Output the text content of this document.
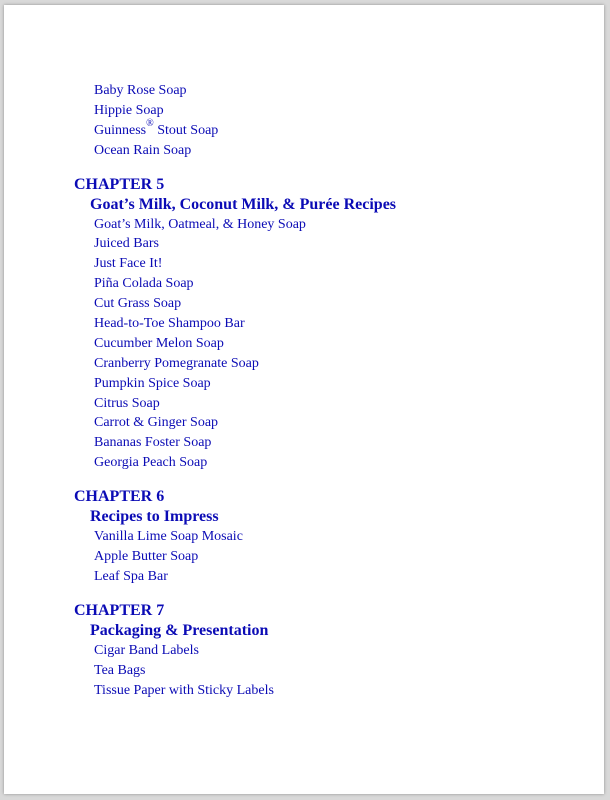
Baby Rose Soap
Hippie Soap
Guinness® Stout Soap
Ocean Rain Soap
CHAPTER 5
Goat’s Milk, Coconut Milk, & Purée Recipes
Goat’s Milk, Oatmeal, & Honey Soap
Juiced Bars
Just Face It!
Piña Colada Soap
Cut Grass Soap
Head-to-Toe Shampoo Bar
Cucumber Melon Soap
Cranberry Pomegranate Soap
Pumpkin Spice Soap
Citrus Soap
Carrot & Ginger Soap
Bananas Foster Soap
Georgia Peach Soap
CHAPTER 6
Recipes to Impress
Vanilla Lime Soap Mosaic
Apple Butter Soap
Leaf Spa Bar
CHAPTER 7
Packaging & Presentation
Cigar Band Labels
Tea Bags
Tissue Paper with Sticky Labels
